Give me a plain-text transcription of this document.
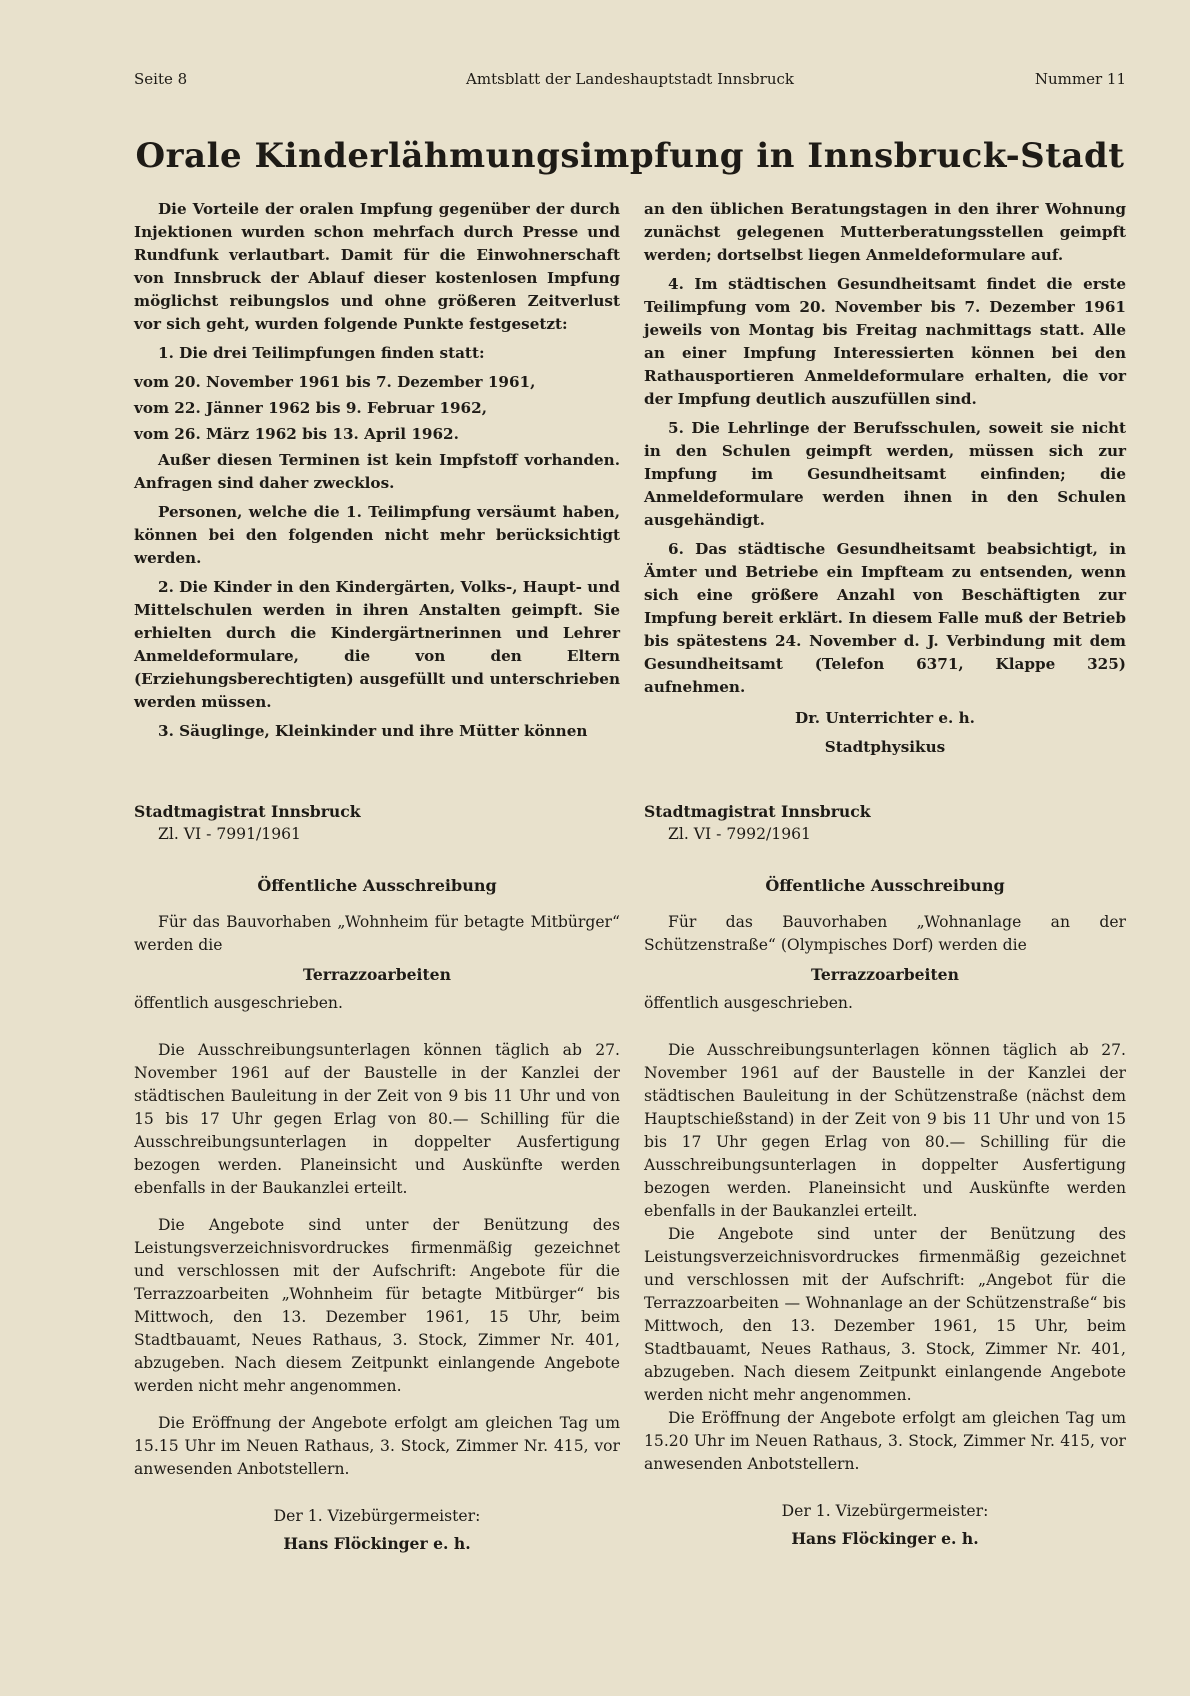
Seite 8	Amtsblatt der Landeshauptstadt Innsbruck	Nummer 11
Orale Kinderlähmungsimpfung in Innsbruck-Stadt

Die Vorteile der oralen Impfung gegenüber der durch Injektionen wurden schon mehrfach durch Presse und Rundfunk verlautbart. Damit für die Einwohnerschaft von Innsbruck der Ablauf dieser kostenlosen Impfung möglichst reibungslos und ohne größeren Zeitverlust vor sich geht, wurden folgende Punkte festgesetzt:

1. Die drei Teilimpfungen finden statt:

vom 20. November 1961 bis 7. Dezember 1961,

vom 22. Jänner 1962 bis 9. Februar 1962,

vom 26. März 1962 bis 13. April 1962.

Außer diesen Terminen ist kein Impfstoff vorhanden. Anfragen sind daher zwecklos.

Personen, welche die 1. Teilimpfung versäumt haben, können bei den folgenden nicht mehr berücksichtigt werden.

2. Die Kinder in den Kindergärten, Volks-, Haupt- und Mittelschulen werden in ihren Anstalten geimpft. Sie erhielten durch die Kindergärtnerinnen und Lehrer Anmeldeformulare, die von den Eltern (Erziehungsberechtigten) ausgefüllt und unterschrieben werden müssen.

3. Säuglinge, Kleinkinder und ihre Mütter können

an den üblichen Beratungstagen in den ihrer Wohnung zunächst gelegenen Mutterberatungsstellen geimpft werden; dortselbst liegen Anmeldeformulare auf.

4. Im städtischen Gesundheitsamt findet die erste Teilimpfung vom 20. November bis 7. Dezember 1961 jeweils von Montag bis Freitag nachmittags statt. Alle an einer Impfung Interessierten können bei den Rathausportieren Anmeldeformulare erhalten, die vor der Impfung deutlich auszufüllen sind.

5. Die Lehrlinge der Berufsschulen, soweit sie nicht in den Schulen geimpft werden, müssen sich zur Impfung im Gesundheitsamt einfinden; die Anmeldeformulare werden ihnen in den Schulen ausgehändigt.

6. Das städtische Gesundheitsamt beabsichtigt, in Ämter und Betriebe ein Impfteam zu entsenden, wenn sich eine größere Anzahl von Beschäftigten zur Impfung bereit erklärt. In diesem Falle muß der Betrieb bis spätestens 24. November d. J. Verbindung mit dem Gesundheitsamt (Telefon 6371, Klappe 325) aufnehmen.

Dr. Unterrichter e. h.

Stadtphysikus

Stadtmagistrat Innsbruck

Zl. VI - 7991/1961

Öffentliche Ausschreibung

Für das Bauvorhaben „Wohnheim für betagte Mitbürger“ werden die

Terrazzoarbeiten

öffentlich ausgeschrieben.

Die Ausschreibungsunterlagen können täglich ab 27. November 1961 auf der Baustelle in der Kanzlei der städtischen Bauleitung in der Zeit von 9 bis 11 Uhr und von 15 bis 17 Uhr gegen Erlag von 80.— Schilling für die Ausschreibungsunterlagen in doppelter Ausfertigung bezogen werden. Planeinsicht und Auskünfte werden ebenfalls in der Baukanzlei erteilt.

Die Angebote sind unter der Benützung des Leistungsverzeichnisvordruckes firmenmäßig gezeichnet und verschlossen mit der Aufschrift: Angebote für die Terrazzoarbeiten „Wohnheim für betagte Mitbürger“ bis Mittwoch, den 13. Dezember 1961, 15 Uhr, beim Stadtbauamt, Neues Rathaus, 3. Stock, Zimmer Nr. 401, abzugeben. Nach diesem Zeitpunkt einlangende Angebote werden nicht mehr angenommen.

Die Eröffnung der Angebote erfolgt am gleichen Tag um 15.15 Uhr im Neuen Rathaus, 3. Stock, Zimmer Nr. 415, vor anwesenden Anbotstellern.

Der 1. Vizebürgermeister:

Hans Flöckinger e. h.

Stadtmagistrat Innsbruck

Zl. VI - 7992/1961

Öffentliche Ausschreibung

Für das Bauvorhaben „Wohnanlage an der Schützenstraße“ (Olympisches Dorf) werden die

Terrazzoarbeiten

öffentlich ausgeschrieben.

Die Ausschreibungsunterlagen können täglich ab 27. November 1961 auf der Baustelle in der Kanzlei der städtischen Bauleitung in der Schützenstraße (nächst dem Hauptschießstand) in der Zeit von 9 bis 11 Uhr und von 15 bis 17 Uhr gegen Erlag von 80.— Schilling für die Ausschreibungsunterlagen in doppelter Ausfertigung bezogen werden. Planeinsicht und Auskünfte werden ebenfalls in der Baukanzlei erteilt.

Die Angebote sind unter der Benützung des Leistungsverzeichnisvordruckes firmenmäßig gezeichnet und verschlossen mit der Aufschrift: „Angebot für die Terrazzoarbeiten — Wohnanlage an der Schützenstraße“ bis Mittwoch, den 13. Dezember 1961, 15 Uhr, beim Stadtbauamt, Neues Rathaus, 3. Stock, Zimmer Nr. 401, abzugeben. Nach diesem Zeitpunkt einlangende Angebote werden nicht mehr angenommen.

Die Eröffnung der Angebote erfolgt am gleichen Tag um 15.20 Uhr im Neuen Rathaus, 3. Stock, Zimmer Nr. 415, vor anwesenden Anbotstellern.

Der 1. Vizebürgermeister:

Hans Flöckinger e. h.
